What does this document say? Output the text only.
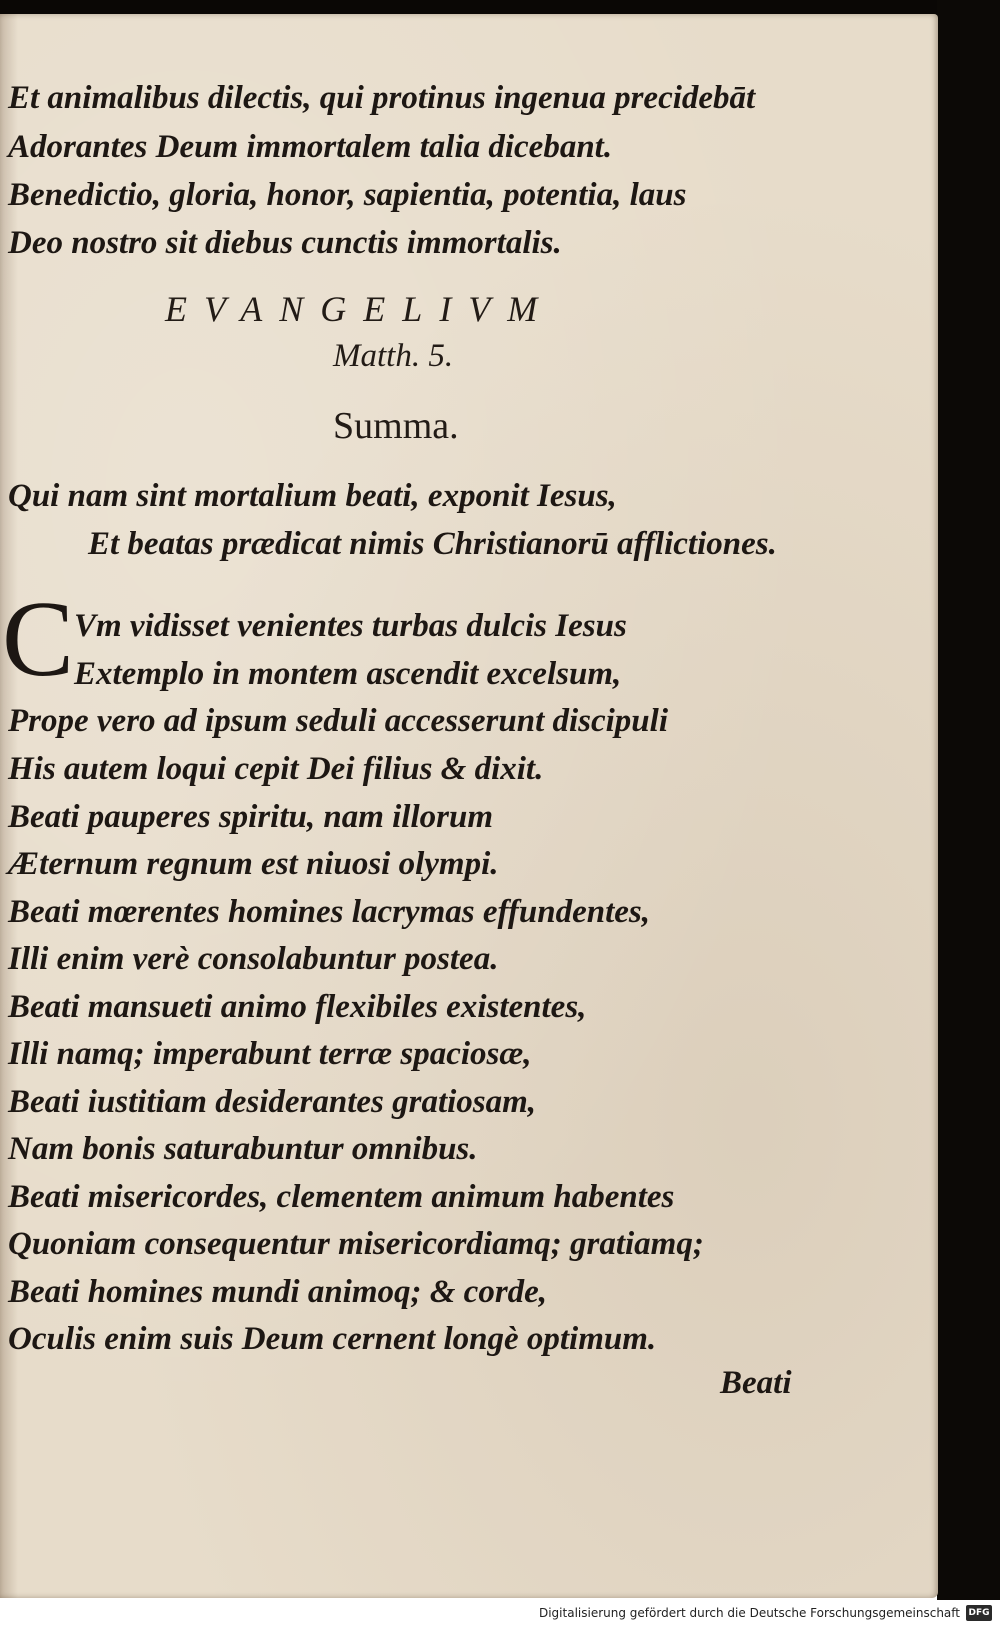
Et animalibus dilectis, qui protinus ingenua precidebāt
Adorantes Deum immortalem talia dicebant.
Benedictio, gloria, honor, sapientia, potentia, laus
Deo nostro sit diebus cunctis immortalis.
EVANGELIVM
Matth. 5.
Summa.
Qui nam sint mortalium beati, exponit Iesus,
Et beatas prædicat nimis Christianorū afflictiones.
C Vm vidisset venientes turbas dulcis Iesus
Extemplo in montem ascendit excelsum,
Prope vero ad ipsum seduli accesserunt discipuli
His autem loqui cepit Dei filius & dixit.
Beati pauperes spiritu, nam illorum
Æternum regnum est niuosi olympi.
Beati mœrentes homines lacrymas effundentes,
Illi enim verè consolabuntur postea.
Beati mansueti animo flexibiles existentes,
Illi namq; imperabunt terræ spaciosæ,
Beati iustitiam desiderantes gratiosam,
Nam bonis saturabuntur omnibus.
Beati misericordes, clementem animum habentes
Quoniam consequentur misericordiamq; gratiamq;
Beati homines mundi animoq; & corde,
Oculis enim suis Deum cernent longè optimum.
Beati
Digitalisierung gefördert durch die Deutsche Forschungsgemeinschaft DFG
